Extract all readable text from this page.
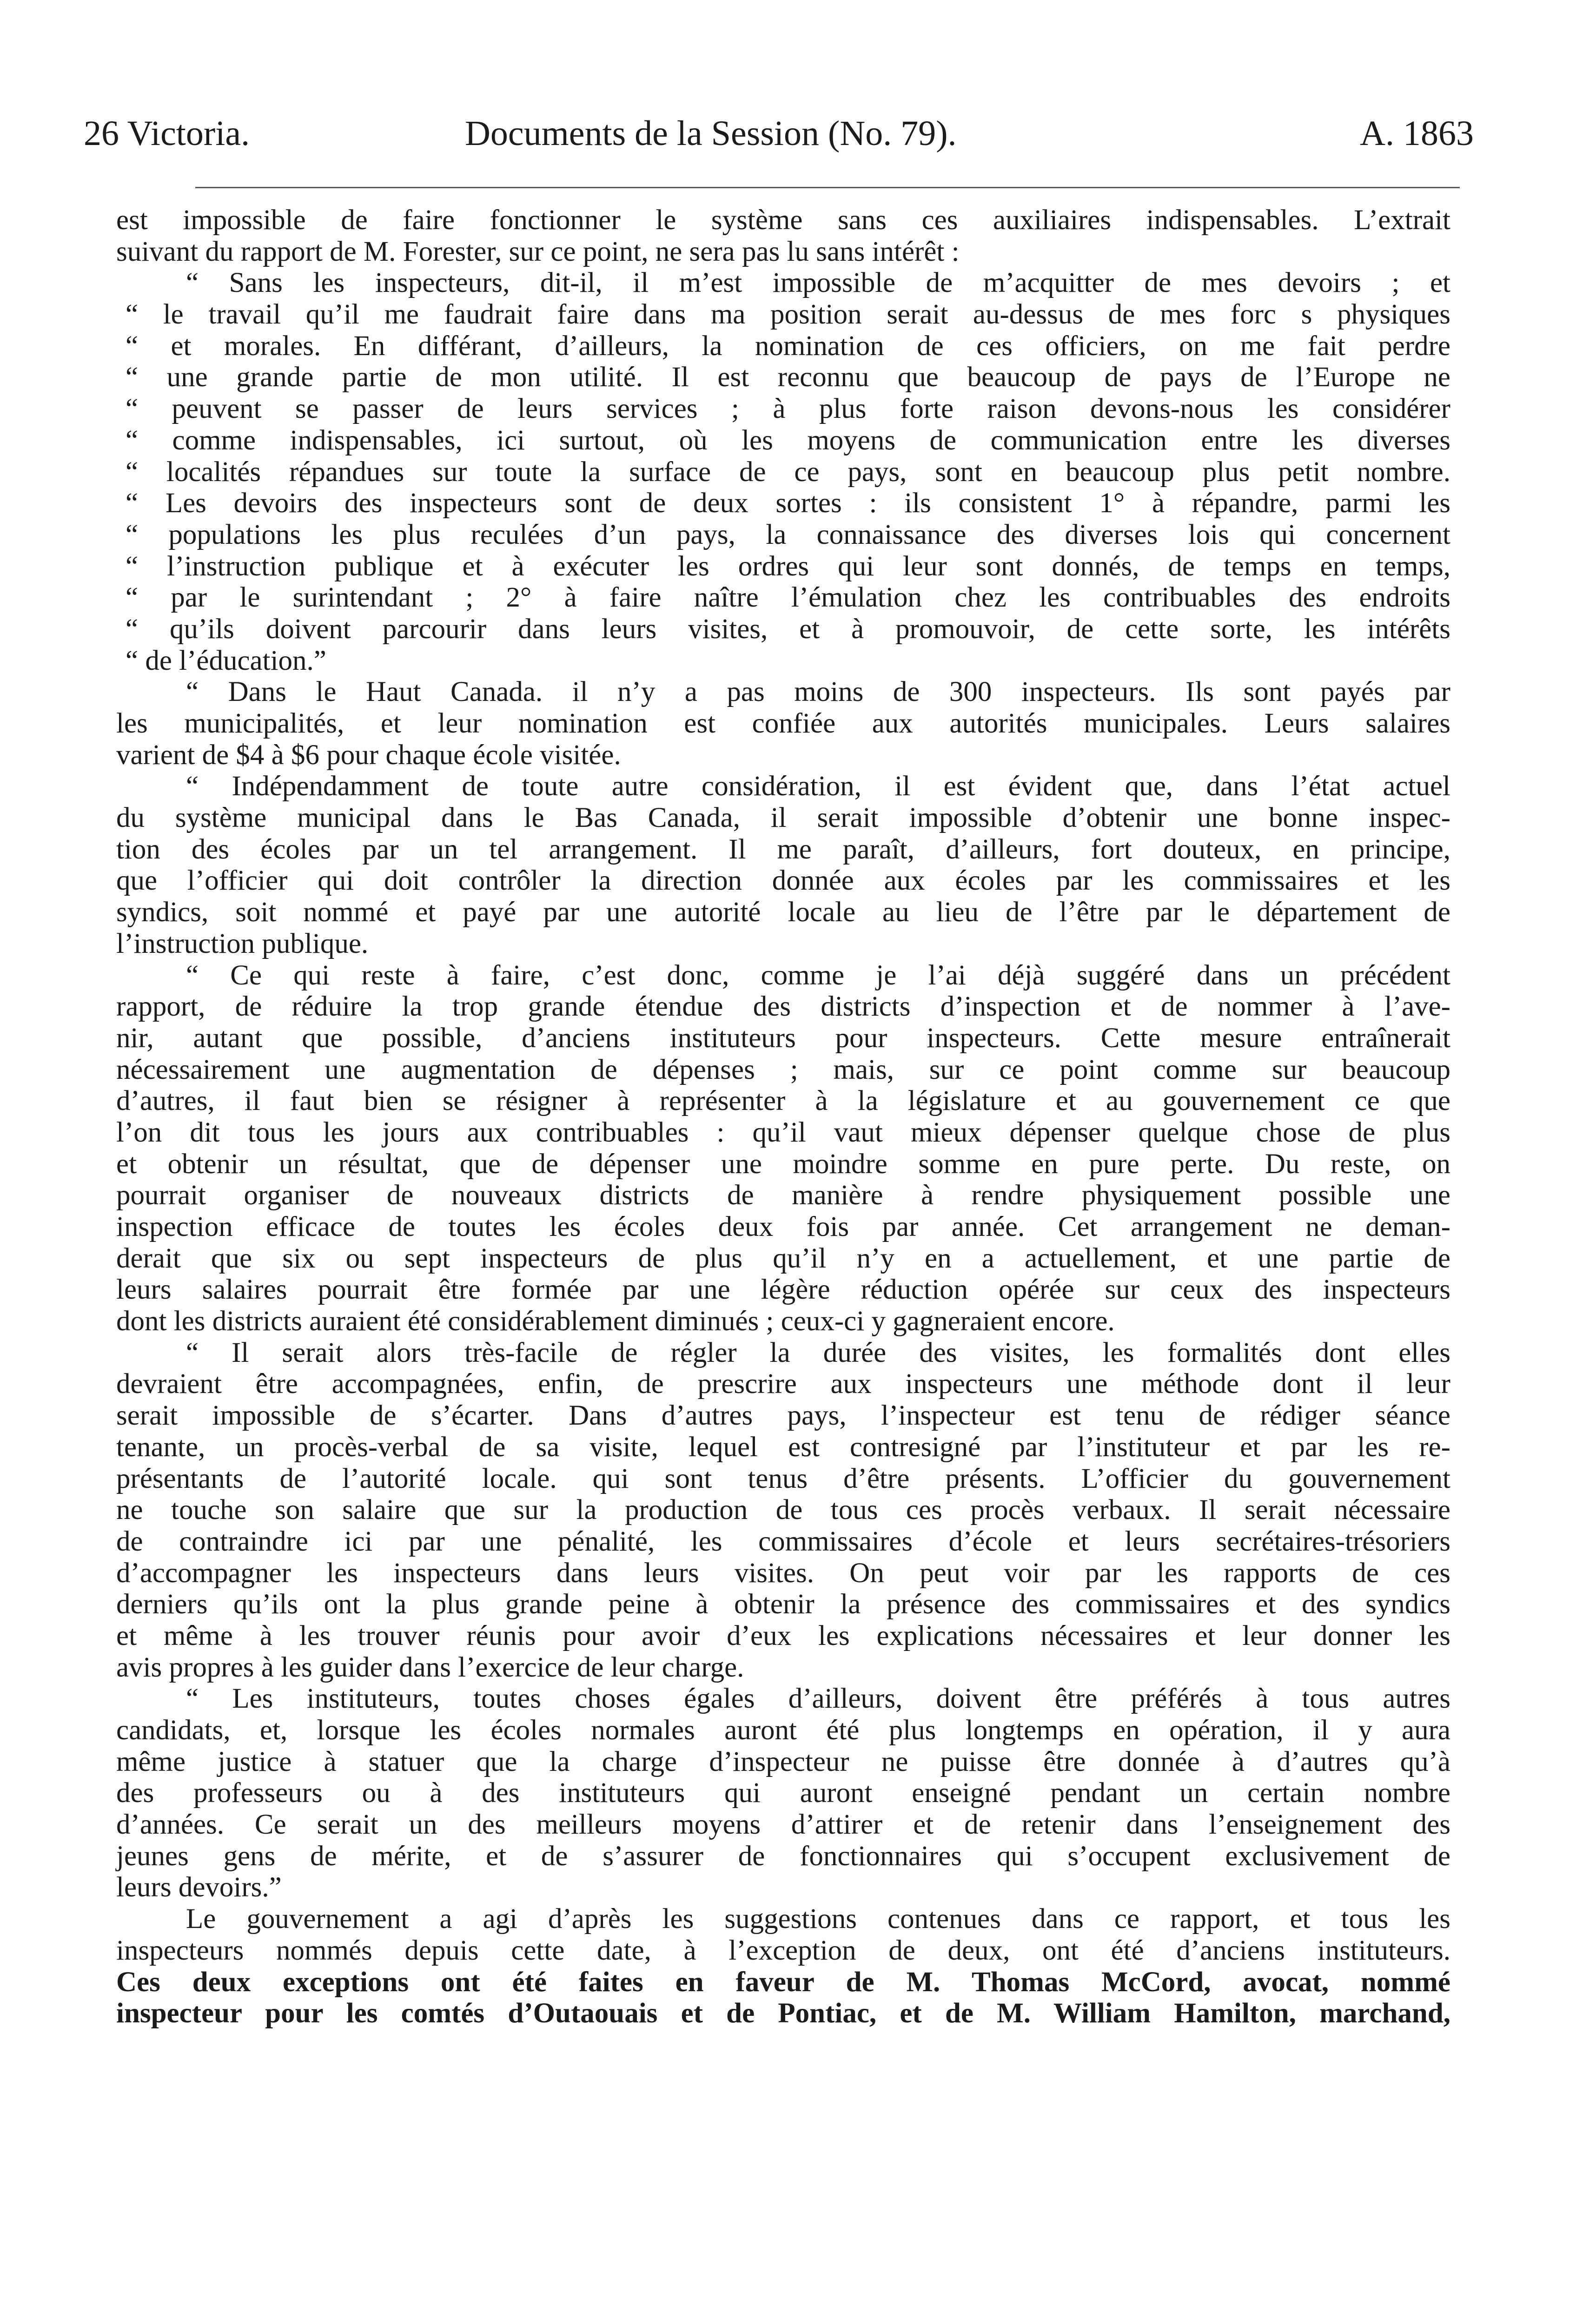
26 Victoria.	Documents de la Session (No. 79).	A. 1863
est impossible de faire fonctionner le système sans ces auxiliaires indispensables. L’extrait
suivant du rapport de M. Forester, sur ce point, ne sera pas lu sans intérêt :
“ Sans les inspecteurs, dit-il, il m’est impossible de m’acquitter de mes devoirs ; et
“ le travail qu’il me faudrait faire dans ma position serait au-dessus de mes forc s physiques
“ et morales. En différant, d’ailleurs, la nomination de ces officiers, on me fait perdre
“ une grande partie de mon utilité. Il est reconnu que beaucoup de pays de l’Europe ne
“ peuvent se passer de leurs services ; à plus forte raison devons-nous les considérer
“ comme indispensables, ici surtout, où les moyens de communication entre les diverses
“ localités répandues sur toute la surface de ce pays, sont en beaucoup plus petit nombre.
“ Les devoirs des inspecteurs sont de deux sortes : ils consistent 1° à répandre, parmi les
“ populations les plus reculées d’un pays, la connaissance des diverses lois qui concernent
“ l’instruction publique et à exécuter les ordres qui leur sont donnés, de temps en temps,
“ par le surintendant ; 2° à faire naître l’émulation chez les contribuables des endroits
“ qu’ils doivent parcourir dans leurs visites, et à promouvoir, de cette sorte, les intérêts
“ de l’éducation.”
“ Dans le Haut Canada. il n’y a pas moins de 300 inspecteurs. Ils sont payés par
les municipalités, et leur nomination est confiée aux autorités municipales. Leurs salaires
varient de $4 à $6 pour chaque école visitée.
“ Indépendamment de toute autre considération, il est évident que, dans l’état actuel
du système municipal dans le Bas Canada, il serait impossible d’obtenir une bonne inspec-
tion des écoles par un tel arrangement. Il me paraît, d’ailleurs, fort douteux, en principe,
que l’officier qui doit contrôler la direction donnée aux écoles par les commissaires et les
syndics, soit nommé et payé par une autorité locale au lieu de l’être par le département de
l’instruction publique.
“ Ce qui reste à faire, c’est donc, comme je l’ai déjà suggéré dans un précédent
rapport, de réduire la trop grande étendue des districts d’inspection et de nommer à l’ave-
nir, autant que possible, d’anciens instituteurs pour inspecteurs. Cette mesure entraînerait
nécessairement une augmentation de dépenses ; mais, sur ce point comme sur beaucoup
d’autres, il faut bien se résigner à représenter à la législature et au gouvernement ce que
l’on dit tous les jours aux contribuables : qu’il vaut mieux dépenser quelque chose de plus
et obtenir un résultat, que de dépenser une moindre somme en pure perte. Du reste, on
pourrait organiser de nouveaux districts de manière à rendre physiquement possible une
inspection efficace de toutes les écoles deux fois par année. Cet arrangement ne deman-
derait que six ou sept inspecteurs de plus qu’il n’y en a actuellement, et une partie de
leurs salaires pourrait être formée par une légère réduction opérée sur ceux des inspecteurs
dont les districts auraient été considérablement diminués ; ceux-ci y gagneraient encore.
“ Il serait alors très-facile de régler la durée des visites, les formalités dont elles
devraient être accompagnées, enfin, de prescrire aux inspecteurs une méthode dont il leur
serait impossible de s’écarter. Dans d’autres pays, l’inspecteur est tenu de rédiger séance
tenante, un procès-verbal de sa visite, lequel est contresigné par l’instituteur et par les re-
présentants de l’autorité locale. qui sont tenus d’être présents. L’officier du gouvernement
ne touche son salaire que sur la production de tous ces procès verbaux. Il serait nécessaire
de contraindre ici par une pénalité, les commissaires d’école et leurs secrétaires-trésoriers
d’accompagner les inspecteurs dans leurs visites. On peut voir par les rapports de ces
derniers qu’ils ont la plus grande peine à obtenir la présence des commissaires et des syndics
et même à les trouver réunis pour avoir d’eux les explications nécessaires et leur donner les
avis propres à les guider dans l’exercice de leur charge.
“ Les instituteurs, toutes choses égales d’ailleurs, doivent être préférés à tous autres
candidats, et, lorsque les écoles normales auront été plus longtemps en opération, il y aura
même justice à statuer que la charge d’inspecteur ne puisse être donnée à d’autres qu’à
des professeurs ou à des instituteurs qui auront enseigné pendant un certain nombre
d’années. Ce serait un des meilleurs moyens d’attirer et de retenir dans l’enseignement des
jeunes gens de mérite, et de s’assurer de fonctionnaires qui s’occupent exclusivement de
leurs devoirs.”
Le gouvernement a agi d’après les suggestions contenues dans ce rapport, et tous les
inspecteurs nommés depuis cette date, à l’exception de deux, ont été d’anciens instituteurs.
Ces deux exceptions ont été faites en faveur de M. Thomas McCord, avocat, nommé
inspecteur pour les comtés d’Outaouais et de Pontiac, et de M. William Hamilton, marchand,
